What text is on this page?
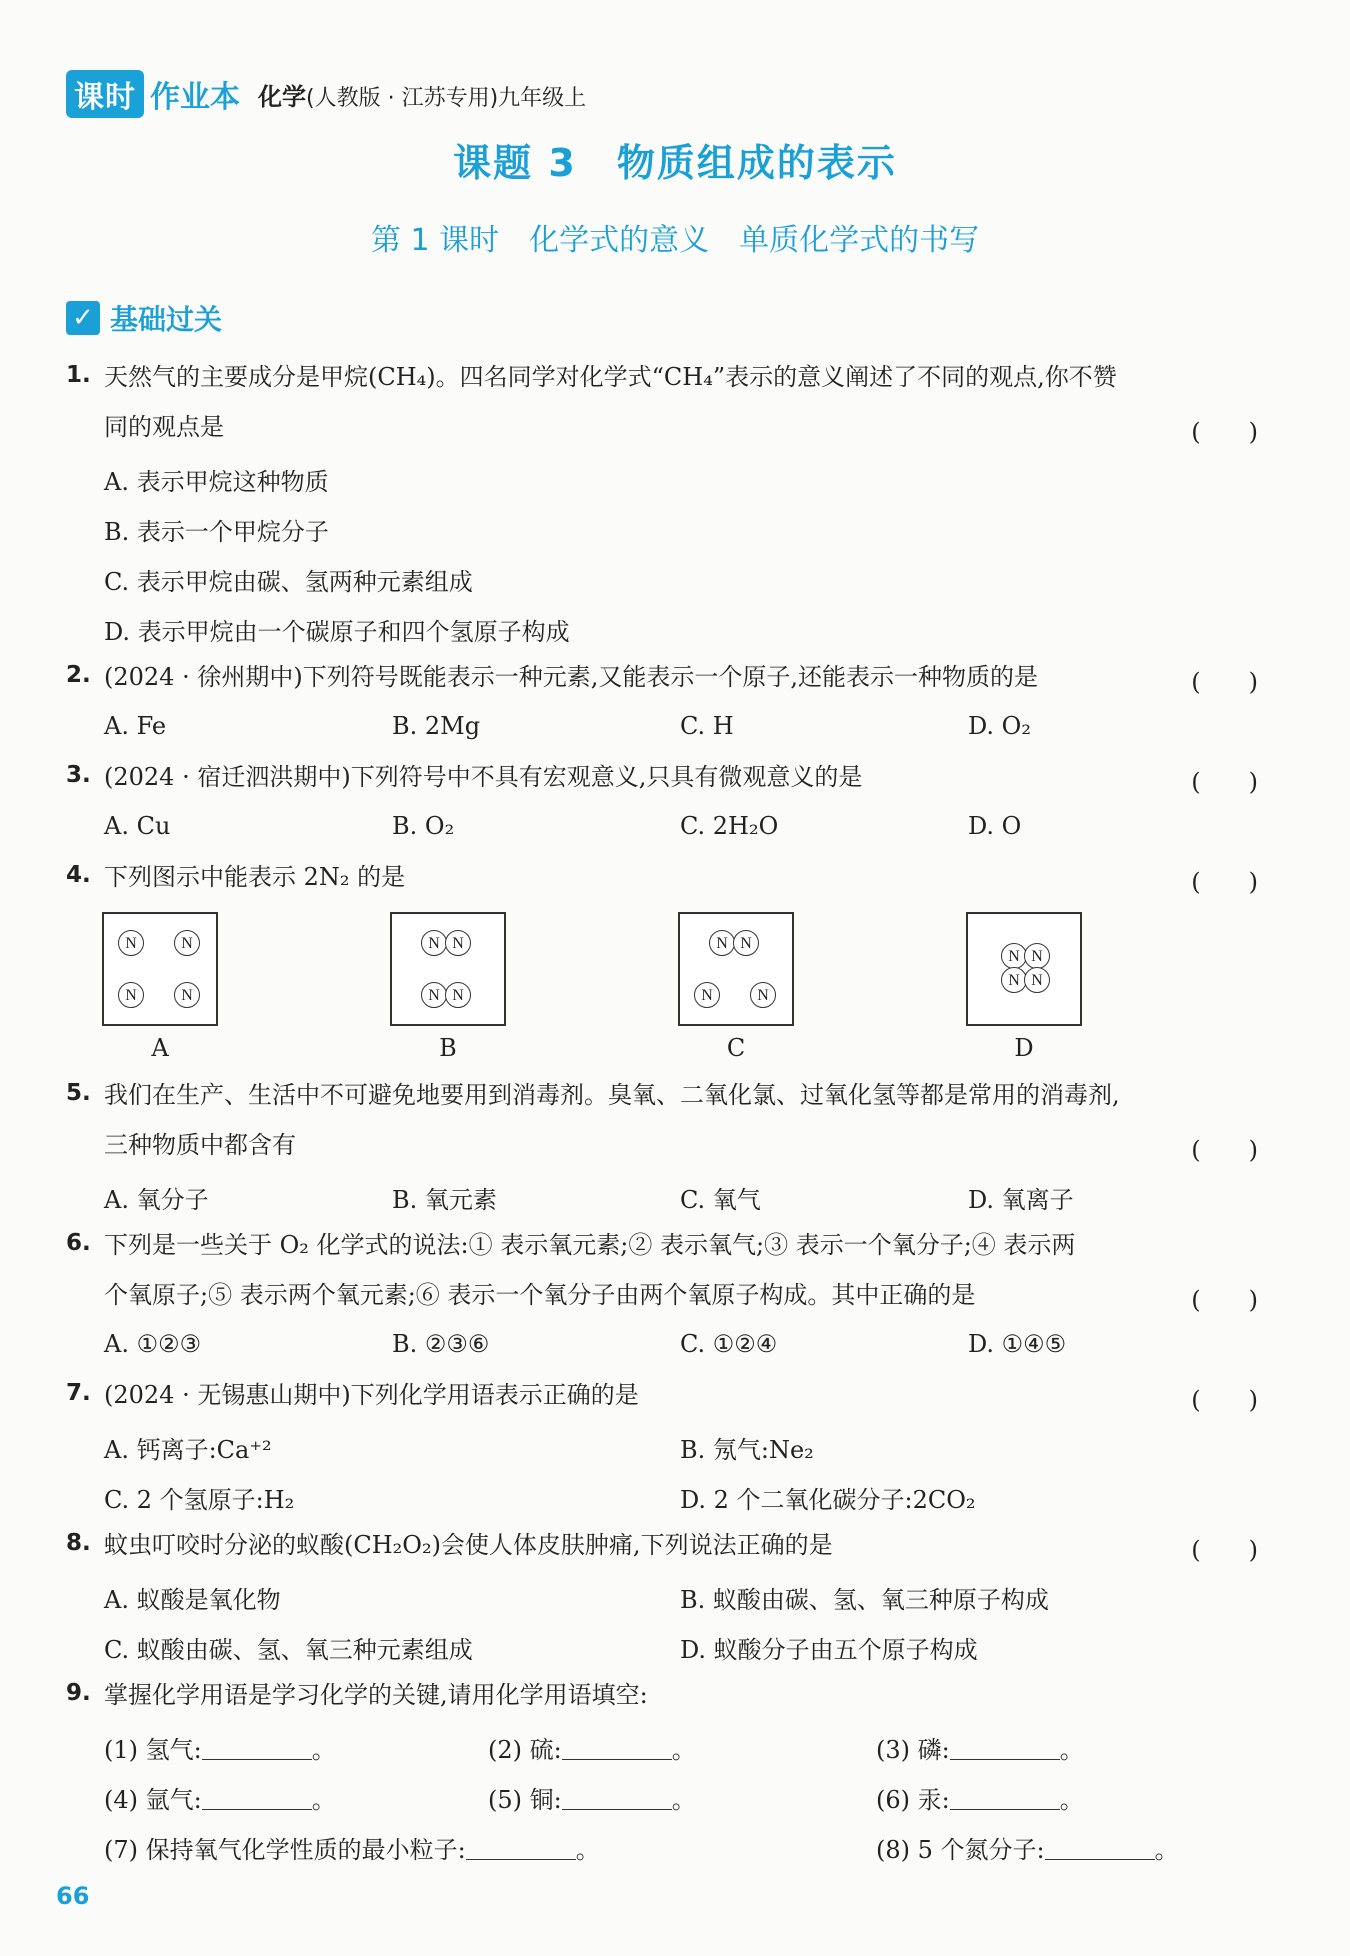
课时 作业本 化学(人教版 · 江苏专用)九年级上
课题 3　物质组成的表示
第 1 课时　化学式的意义　单质化学式的书写
✓ 基础过关
1. 天然气的主要成分是甲烷(CH₄)。四名同学对化学式“CH₄”表示的意义阐述了不同的观点,你不赞
同的观点是	(　　)
A. 表示甲烷这种物质
B. 表示一个甲烷分子
C. 表示甲烷由碳、氢两种元素组成
D. 表示甲烷由一个碳原子和四个氢原子构成
2. (2024 · 徐州期中)下列符号既能表示一种元素,又能表示一个原子,还能表示一种物质的是	(　　)
A. Fe	B. 2Mg	C. H	D. O₂
3. (2024 · 宿迁泗洪期中)下列符号中不具有宏观意义,只具有微观意义的是	(　　)
A. Cu	B. O₂	C. 2H₂O	D. O
4. 下列图示中能表示 2N₂ 的是	(　　)
N	N
N	N
A
N N
N N
B
N N
N	N
C
N N
N N
D
5. 我们在生产、生活中不可避免地要用到消毒剂。臭氧、二氧化氯、过氧化氢等都是常用的消毒剂,
三种物质中都含有	(　　)
A. 氧分子	B. 氧元素	C. 氧气	D. 氧离子
6. 下列是一些关于 O₂ 化学式的说法:① 表示氧元素;② 表示氧气;③ 表示一个氧分子;④ 表示两
个氧原子;⑤ 表示两个氧元素;⑥ 表示一个氧分子由两个氧原子构成。其中正确的是	(　　)
A. ①②③	B. ②③⑥	C. ①②④	D. ①④⑤
7. (2024 · 无锡惠山期中)下列化学用语表示正确的是	(　　)
A. 钙离子:Ca⁺²	B. 氖气:Ne₂
C. 2 个氢原子:H₂	D. 2 个二氧化碳分子:2CO₂
8. 蚊虫叮咬时分泌的蚁酸(CH₂O₂)会使人体皮肤肿痛,下列说法正确的是	(　　)
A. 蚁酸是氧化物	B. 蚁酸由碳、氢、氧三种原子构成
C. 蚁酸由碳、氢、氧三种元素组成	D. 蚁酸分子由五个原子构成
9. 掌握化学用语是学习化学的关键,请用化学用语填空:
(1) 氢气:	。	(2) 硫:	。	(3) 磷:	。
(4) 氩气:	。	(5) 铜:	。	(6) 汞:	。
(7) 保持氧气化学性质的最小粒子:	。	(8) 5 个氮分子:	。
66
